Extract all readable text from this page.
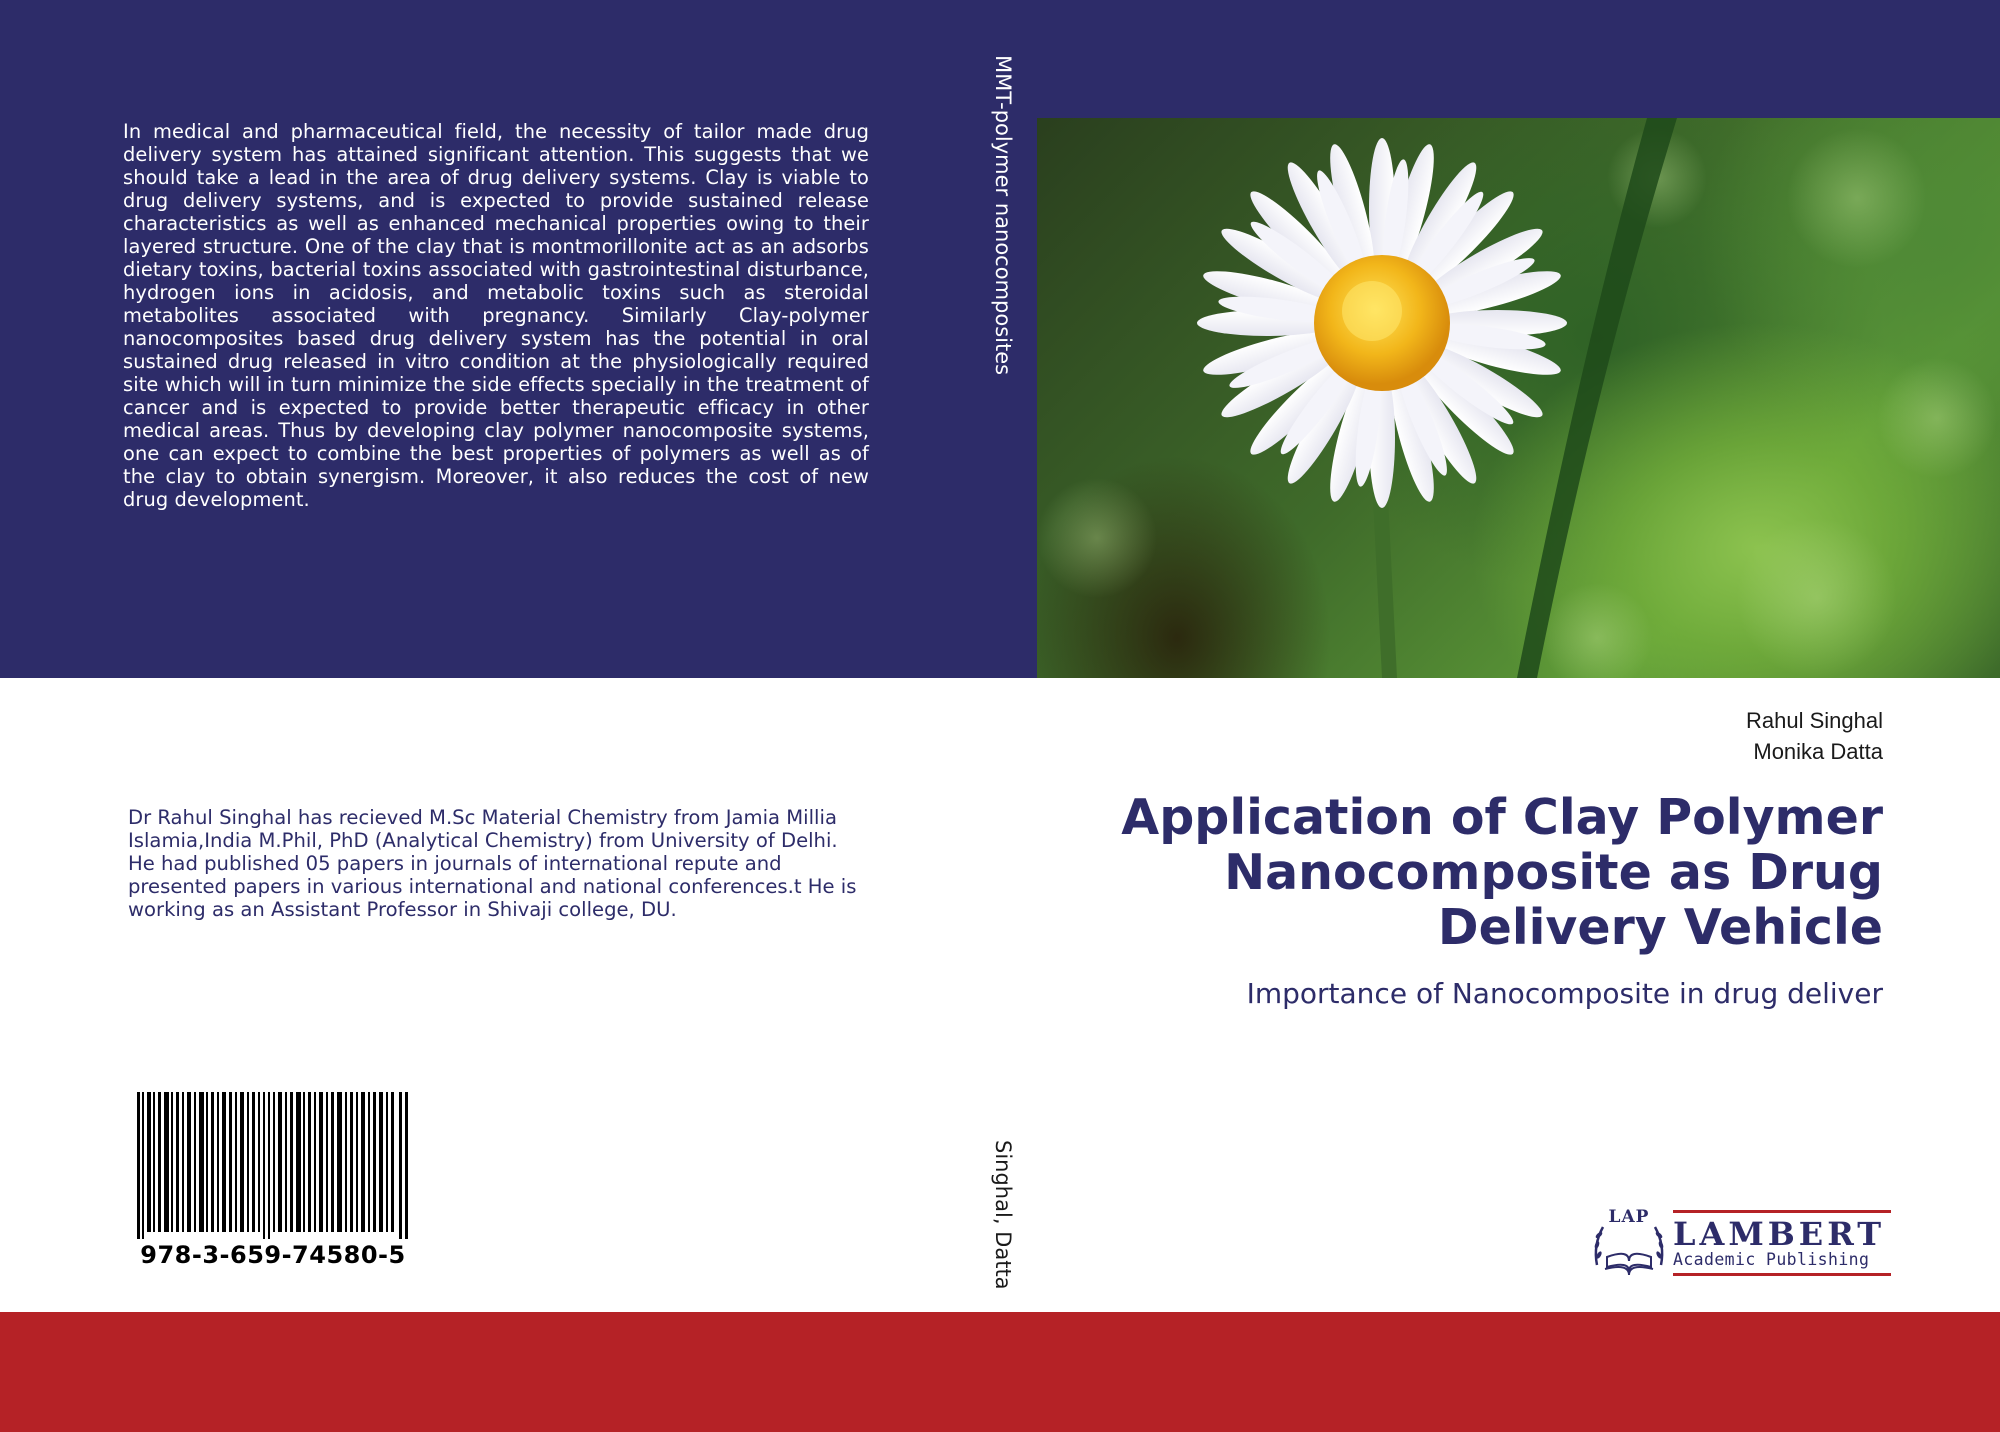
In medical and pharmaceutical field, the necessity of tailor made drug delivery system has attained significant attention. This suggests that we should take a lead in the area of drug delivery systems. Clay is viable to drug delivery systems, and is expected to provide sustained release characteristics as well as enhanced mechanical properties owing to their layered structure. One of the clay that is montmorillonite act as an adsorbs dietary toxins, bacterial toxins associated with gastrointestinal disturbance, hydrogen ions in acidosis, and metabolic toxins such as steroidal metabolites associated with pregnancy. Similarly Clay-polymer nanocomposites based drug delivery system has the potential in oral sustained drug released in vitro condition at the physiologically required site which will in turn minimize the side effects specially in the treatment of cancer and is expected to provide better therapeutic efficacy in other medical areas. Thus by developing clay polymer nanocomposite systems, one can expect to combine the best properties of polymers as well as of the clay to obtain synergism. Moreover, it also reduces the cost of new drug development.
MMT-polymer nanocomposites
Singhal, Datta
Rahul Singhal
Monika Datta
Application of Clay Polymer
Nanocomposite as Drug
Delivery Vehicle
Importance of Nanocomposite in drug deliver
Dr Rahul Singhal has recieved M.Sc Material Chemistry from Jamia Millia Islamia,India M.Phil, PhD (Analytical Chemistry) from University of Delhi. He had published 05 papers in journals of international repute and presented papers in various international and national conferences.t He is working as an Assistant Professor in Shivaji college, DU.
978-3-659-74580-5
LAP LAMBERT
Academic Publishing
